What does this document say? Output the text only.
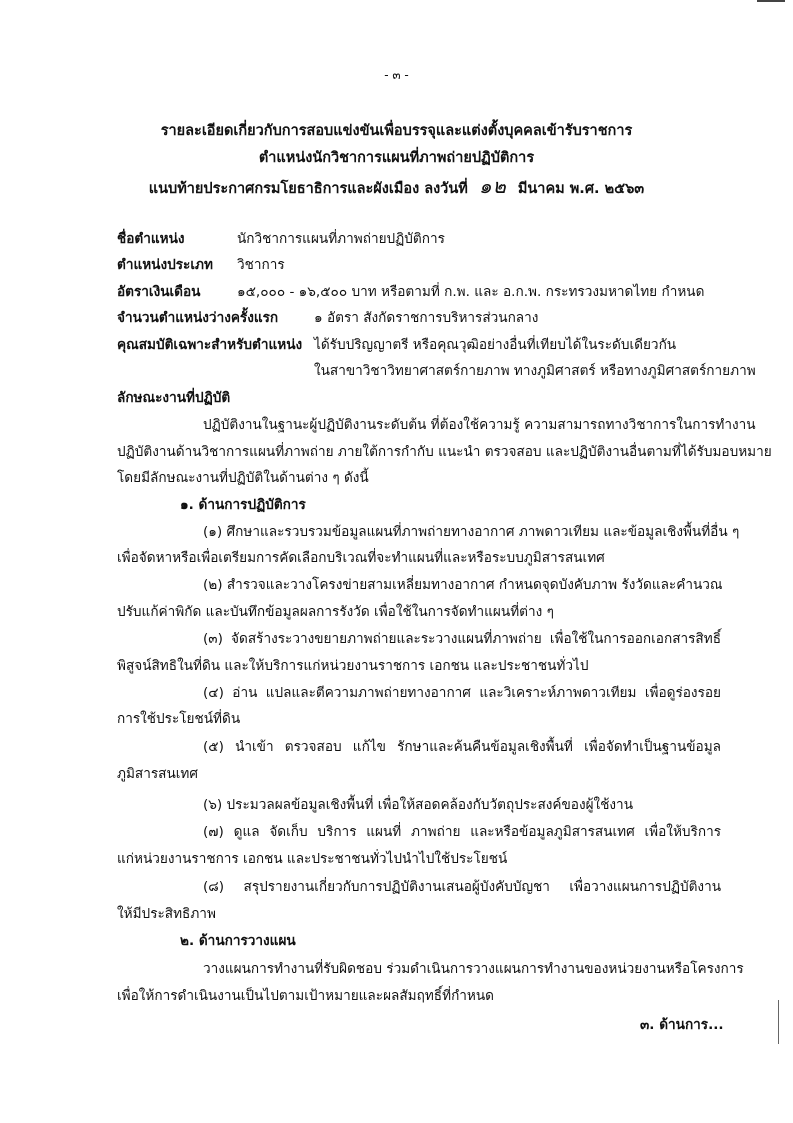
- ๓ -
รายละเอียดเกี่ยวกับการสอบแข่งขันเพื่อบรรจุและแต่งตั้งบุคคลเข้ารับราชการ
ตำแหน่งนักวิชาการแผนที่ภาพถ่ายปฏิบัติการ
แนบท้ายประกาศกรมโยธาธิการและผังเมือง ลงวันที่ ๑๒ มีนาคม พ.ศ. ๒๕๖๓
ชื่อตำแหน่ง	นักวิชาการแผนที่ภาพถ่ายปฏิบัติการ
ตำแหน่งประเภท วิชาการ
อัตราเงินเดือน	๑๕,๐๐๐ - ๑๖,๕๐๐ บาท หรือตามที่ ก.พ. และ อ.ก.พ. กระทรวงมหาดไทย กำหนด
จำนวนตำแหน่งว่างครั้งแรก	๑ อัตรา สังกัดราชการบริหารส่วนกลาง
คุณสมบัติเฉพาะสำหรับตำแหน่ง ได้รับปริญญาตรี หรือคุณวุฒิอย่างอื่นที่เทียบได้ในระดับเดียวกัน
ในสาขาวิชาวิทยาศาสตร์กายภาพ ทางภูมิศาสตร์ หรือทางภูมิศาสตร์กายภาพ
ลักษณะงานที่ปฏิบัติ
ปฏิบัติงานในฐานะผู้ปฏิบัติงานระดับต้น ที่ต้องใช้ความรู้ ความสามารถทางวิชาการในการทำงาน
ปฏิบัติงานด้านวิชาการแผนที่ภาพถ่าย ภายใต้การกำกับ แนะนำ ตรวจสอบ และปฏิบัติงานอื่นตามที่ได้รับมอบหมาย
โดยมีลักษณะงานที่ปฏิบัติในด้านต่าง ๆ ดังนี้
๑. ด้านการปฏิบัติการ
(๑) ศึกษาและรวบรวมข้อมูลแผนที่ภาพถ่ายทางอากาศ ภาพดาวเทียม และข้อมูลเชิงพื้นที่อื่น ๆ
เพื่อจัดหาหรือเพื่อเตรียมการคัดเลือกบริเวณที่จะทำแผนที่และหรือระบบภูมิสารสนเทศ
(๒) สำรวจและวางโครงข่ายสามเหลี่ยมทางอากาศ กำหนดจุดบังคับภาพ รังวัดและคำนวณ
ปรับแก้ค่าพิกัด และบันทึกข้อมูลผลการรังวัด เพื่อใช้ในการจัดทำแผนที่ต่าง ๆ
(๓) จัดสร้างระวางขยายภาพถ่ายและระวางแผนที่ภาพถ่าย เพื่อใช้ในการออกเอกสารสิทธิ์
พิสูจน์สิทธิในที่ดิน และให้บริการแก่หน่วยงานราชการ เอกชน และประชาชนทั่วไป
(๔) อ่าน แปลและตีความภาพถ่ายทางอากาศ และวิเคราะห์ภาพดาวเทียม เพื่อดูร่องรอย
การใช้ประโยชน์ที่ดิน
(๕) นำเข้า ตรวจสอบ แก้ไข รักษาและค้นคืนข้อมูลเชิงพื้นที่ เพื่อจัดทำเป็นฐานข้อมูล
ภูมิสารสนเทศ
(๖) ประมวลผลข้อมูลเชิงพื้นที่ เพื่อให้สอดคล้องกับวัตถุประสงค์ของผู้ใช้งาน
(๗) ดูแล จัดเก็บ บริการ แผนที่ ภาพถ่าย และหรือข้อมูลภูมิสารสนเทศ เพื่อให้บริการ
แก่หน่วยงานราชการ เอกชน และประชาชนทั่วไปนำไปใช้ประโยชน์
(๘) สรุปรายงานเกี่ยวกับการปฏิบัติงานเสนอผู้บังคับบัญชา เพื่อวางแผนการปฏิบัติงาน
ให้มีประสิทธิภาพ
๒. ด้านการวางแผน
วางแผนการทำงานที่รับผิดชอบ ร่วมดำเนินการวางแผนการทำงานของหน่วยงานหรือโครงการ
เพื่อให้การดำเนินงานเป็นไปตามเป้าหมายและผลสัมฤทธิ์ที่กำหนด
๓. ด้านการ...
